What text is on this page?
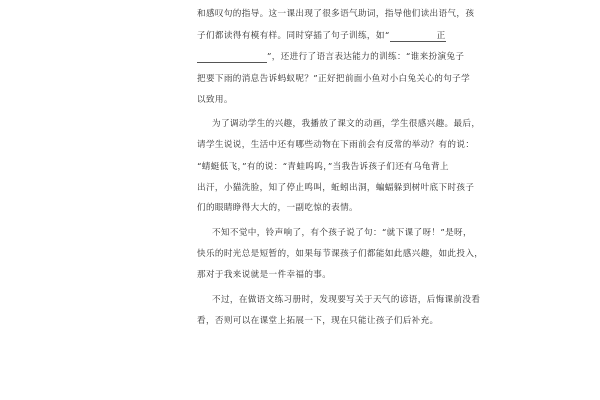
和感叹句的指导。这一课出现了很多语气助词，指导他们读出语气，孩
子们都读得有模有样。同时穿插了句子训练，如“	正
”，还进行了语言表达能力的训练：“谁来扮演兔子
把要下雨的消息告诉蚂蚁呢？”正好把前面小鱼对小白兔关心的句子学
以致用。
为了调动学生的兴趣，我播放了课文的动画，学生很感兴趣。最后，
请学生说说，生活中还有哪些动物在下雨前会有反常的举动？有的说：
“蜻蜓低飞，”有的说：“青蛙呜呜，”当我告诉孩子们还有乌龟背上
出汗，小猫洗脸，知了停止鸣叫，蚯蚓出洞，蝙蝠躲到树叶底下时孩子
们的眼睛睁得大大的，一副吃惊的表情。
不知不觉中，铃声响了，有个孩子说了句：“就下课了呀！”是呀，
快乐的时光总是短暂的，如果每节课孩子们都能如此感兴趣，如此投入，
那对于我来说就是一件幸福的事。
不过，在做语文练习册时，发现要写关于天气的谚语，后悔课前没看
看，否则可以在课堂上拓展一下，现在只能让孩子们后补充。
